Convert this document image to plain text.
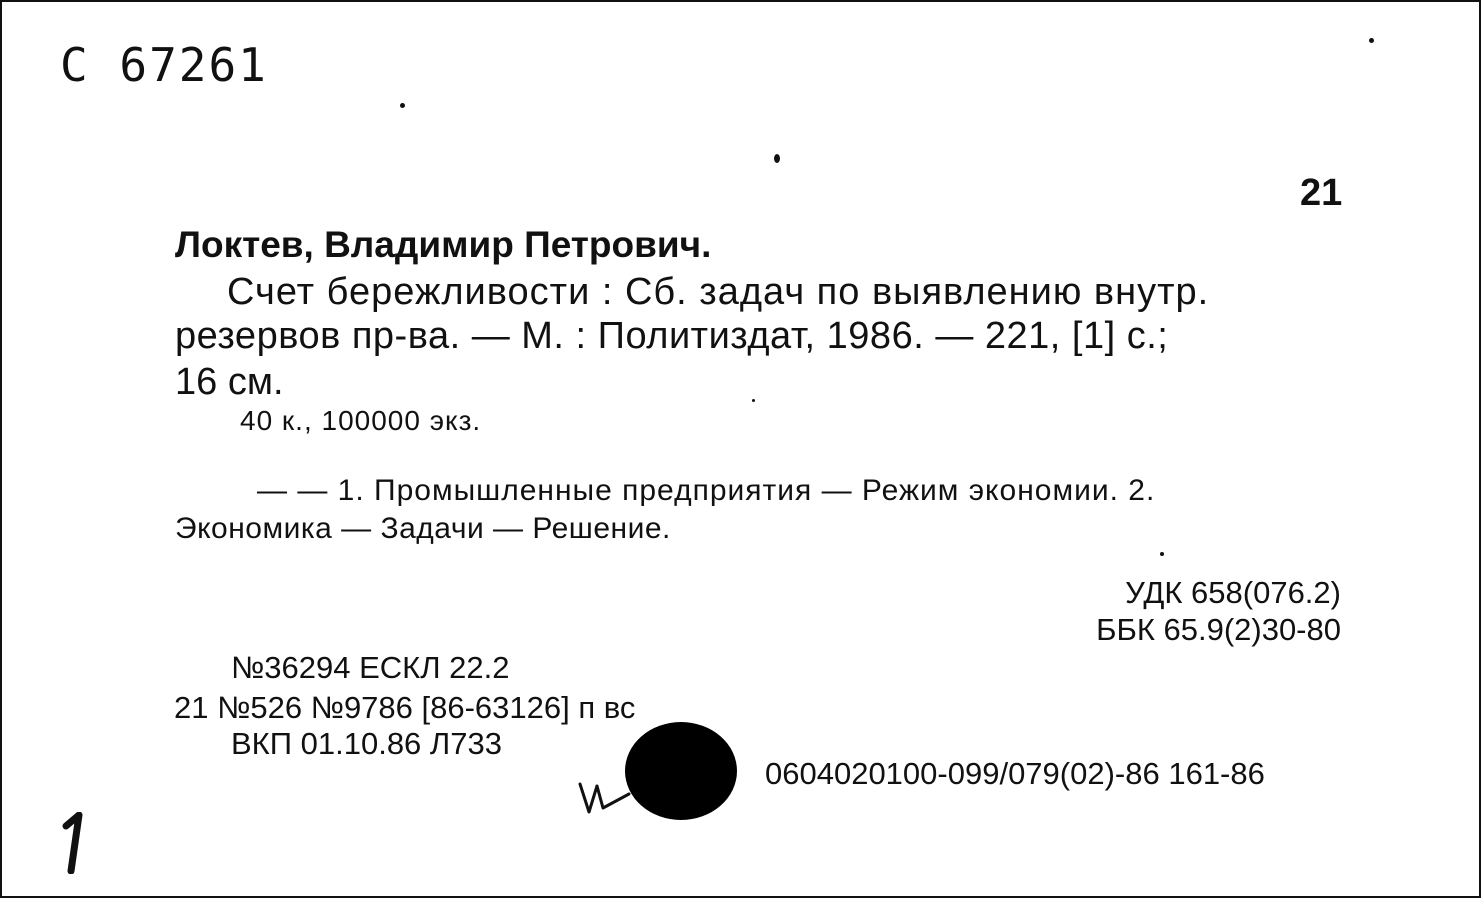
С 67261
21
Локтев, Владимир Петрович.
Счет бережливости : Сб. задач по выявлению внутр.
резервов пр-ва. — М. : Политиздат, 1986. — 221, [1] с.;
16 см.
40 к., 100000 экз.
— — 1. Промышленные предприятия — Режим экономии. 2.
Экономика — Задачи — Решение.
УДК 658(076.2)
ББК 65.9(2)30-80
№36294 ЕСКЛ 22.2
21 №526 №9786 [86-63126] п вс
ВКП 01.10.86 Л733
0604020100-099/079(02)-86 161-86
